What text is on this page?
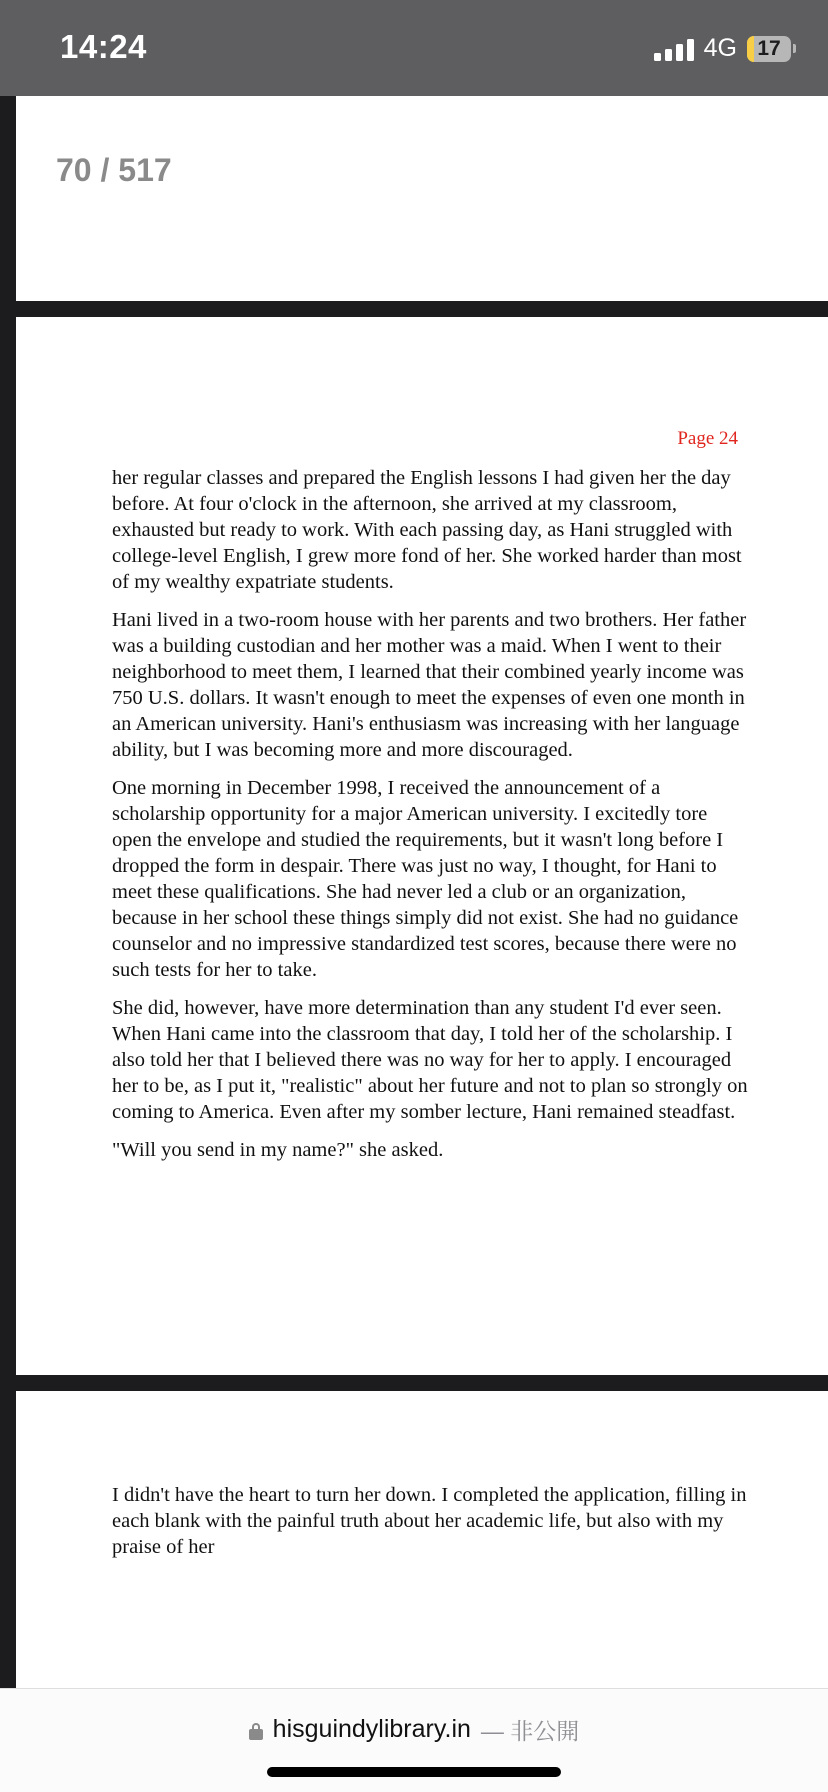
14:24	4G 17
70 / 517
Page 24

her regular classes and prepared the English lessons I had given her the day before. At four o'clock in the afternoon, she arrived at my classroom, exhausted but ready to work. With each passing day, as Hani struggled with college-level English, I grew more fond of her. She worked harder than most of my wealthy expatriate students.

Hani lived in a two-room house with her parents and two brothers. Her father was a building custodian and her mother was a maid. When I went to their neighborhood to meet them, I learned that their combined yearly income was 750 U.S. dollars. It wasn't enough to meet the expenses of even one month in an American university. Hani's enthusiasm was increasing with her language ability, but I was becoming more and more discouraged.

One morning in December 1998, I received the announcement of a scholarship opportunity for a major American university. I excitedly tore open the envelope and studied the requirements, but it wasn't long before I dropped the form in despair. There was just no way, I thought, for Hani to meet these qualifications. She had never led a club or an organization, because in her school these things simply did not exist. She had no guidance counselor and no impressive standardized test scores, because there were no such tests for her to take.

She did, however, have more determination than any student I'd ever seen. When Hani came into the classroom that day, I told her of the scholarship. I also told her that I believed there was no way for her to apply. I encouraged her to be, as I put it, "realistic" about her future and not to plan so strongly on coming to America. Even after my somber lecture, Hani remained steadfast.

"Will you send in my name?" she asked.

I didn't have the heart to turn her down. I completed the application, filling in each blank with the painful truth about her academic life, but also with my praise of her

hisguindylibrary.in — 非公開
